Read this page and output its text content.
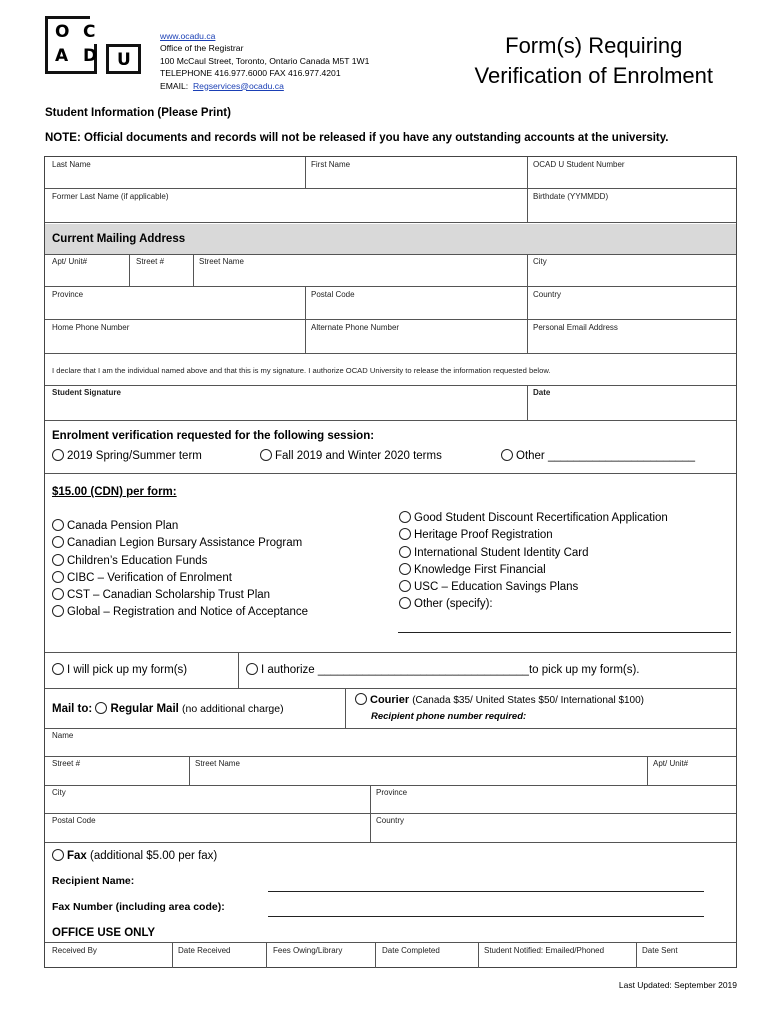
O C
A D U
www.ocadu.ca
Office of the Registrar
100 McCaul Street, Toronto, Ontario Canada M5T 1W1
TELEPHONE 416.977.6000 FAX 416.977.4201
EMAIL: Regservices@ocadu.ca
Form(s) Requiring
Verification of Enrolment
Student Information (Please Print)
NOTE: Official documents and records will not be released if you have any outstanding accounts at the university.
Last Name	First Name	OCAD U Student Number
Former Last Name (if applicable)	Birthdate (YYMMDD)
Current Mailing Address
Apt/ Unit#	Street #	Street Name	City
Province	Postal Code	Country
Home Phone Number	Alternate Phone Number	Personal Email Address
I declare that I am the individual named above and that this is my signature. I authorize OCAD University to release the information requested below.
Student Signature	Date
Enrolment verification requested for the following session:
2019 Spring/Summer term	Fall 2019 and Winter 2020 terms	Other _______________________
$15.00 (CDN) per form:
Canada Pension Plan
Canadian Legion Bursary Assistance Program
Children’s Education Funds
CIBC – Verification of Enrolment
CST – Canadian Scholarship Trust Plan
Global – Registration and Notice of Acceptance
Good Student Discount Recertification Application
Heritage Proof Registration
International Student Identity Card
Knowledge First Financial
USC – Education Savings Plans
Other (specify):
I will pick up my form(s)	I authorize _________________________________to pick up my form(s).
Mail to: Regular Mail (no additional charge)
Courier (Canada $35/ United States $50/ International $100)
Recipient phone number required:
Name
Street #	Street Name	Apt/ Unit#
City	Province
Postal Code	Country
Fax (additional $5.00 per fax)
Recipient Name:
Fax Number (including area code):
OFFICE USE ONLY
Received By	Date Received	Fees Owing/Library	Date Completed	Student Notified: Emailed/Phoned	Date Sent
Last Updated: September 2019
